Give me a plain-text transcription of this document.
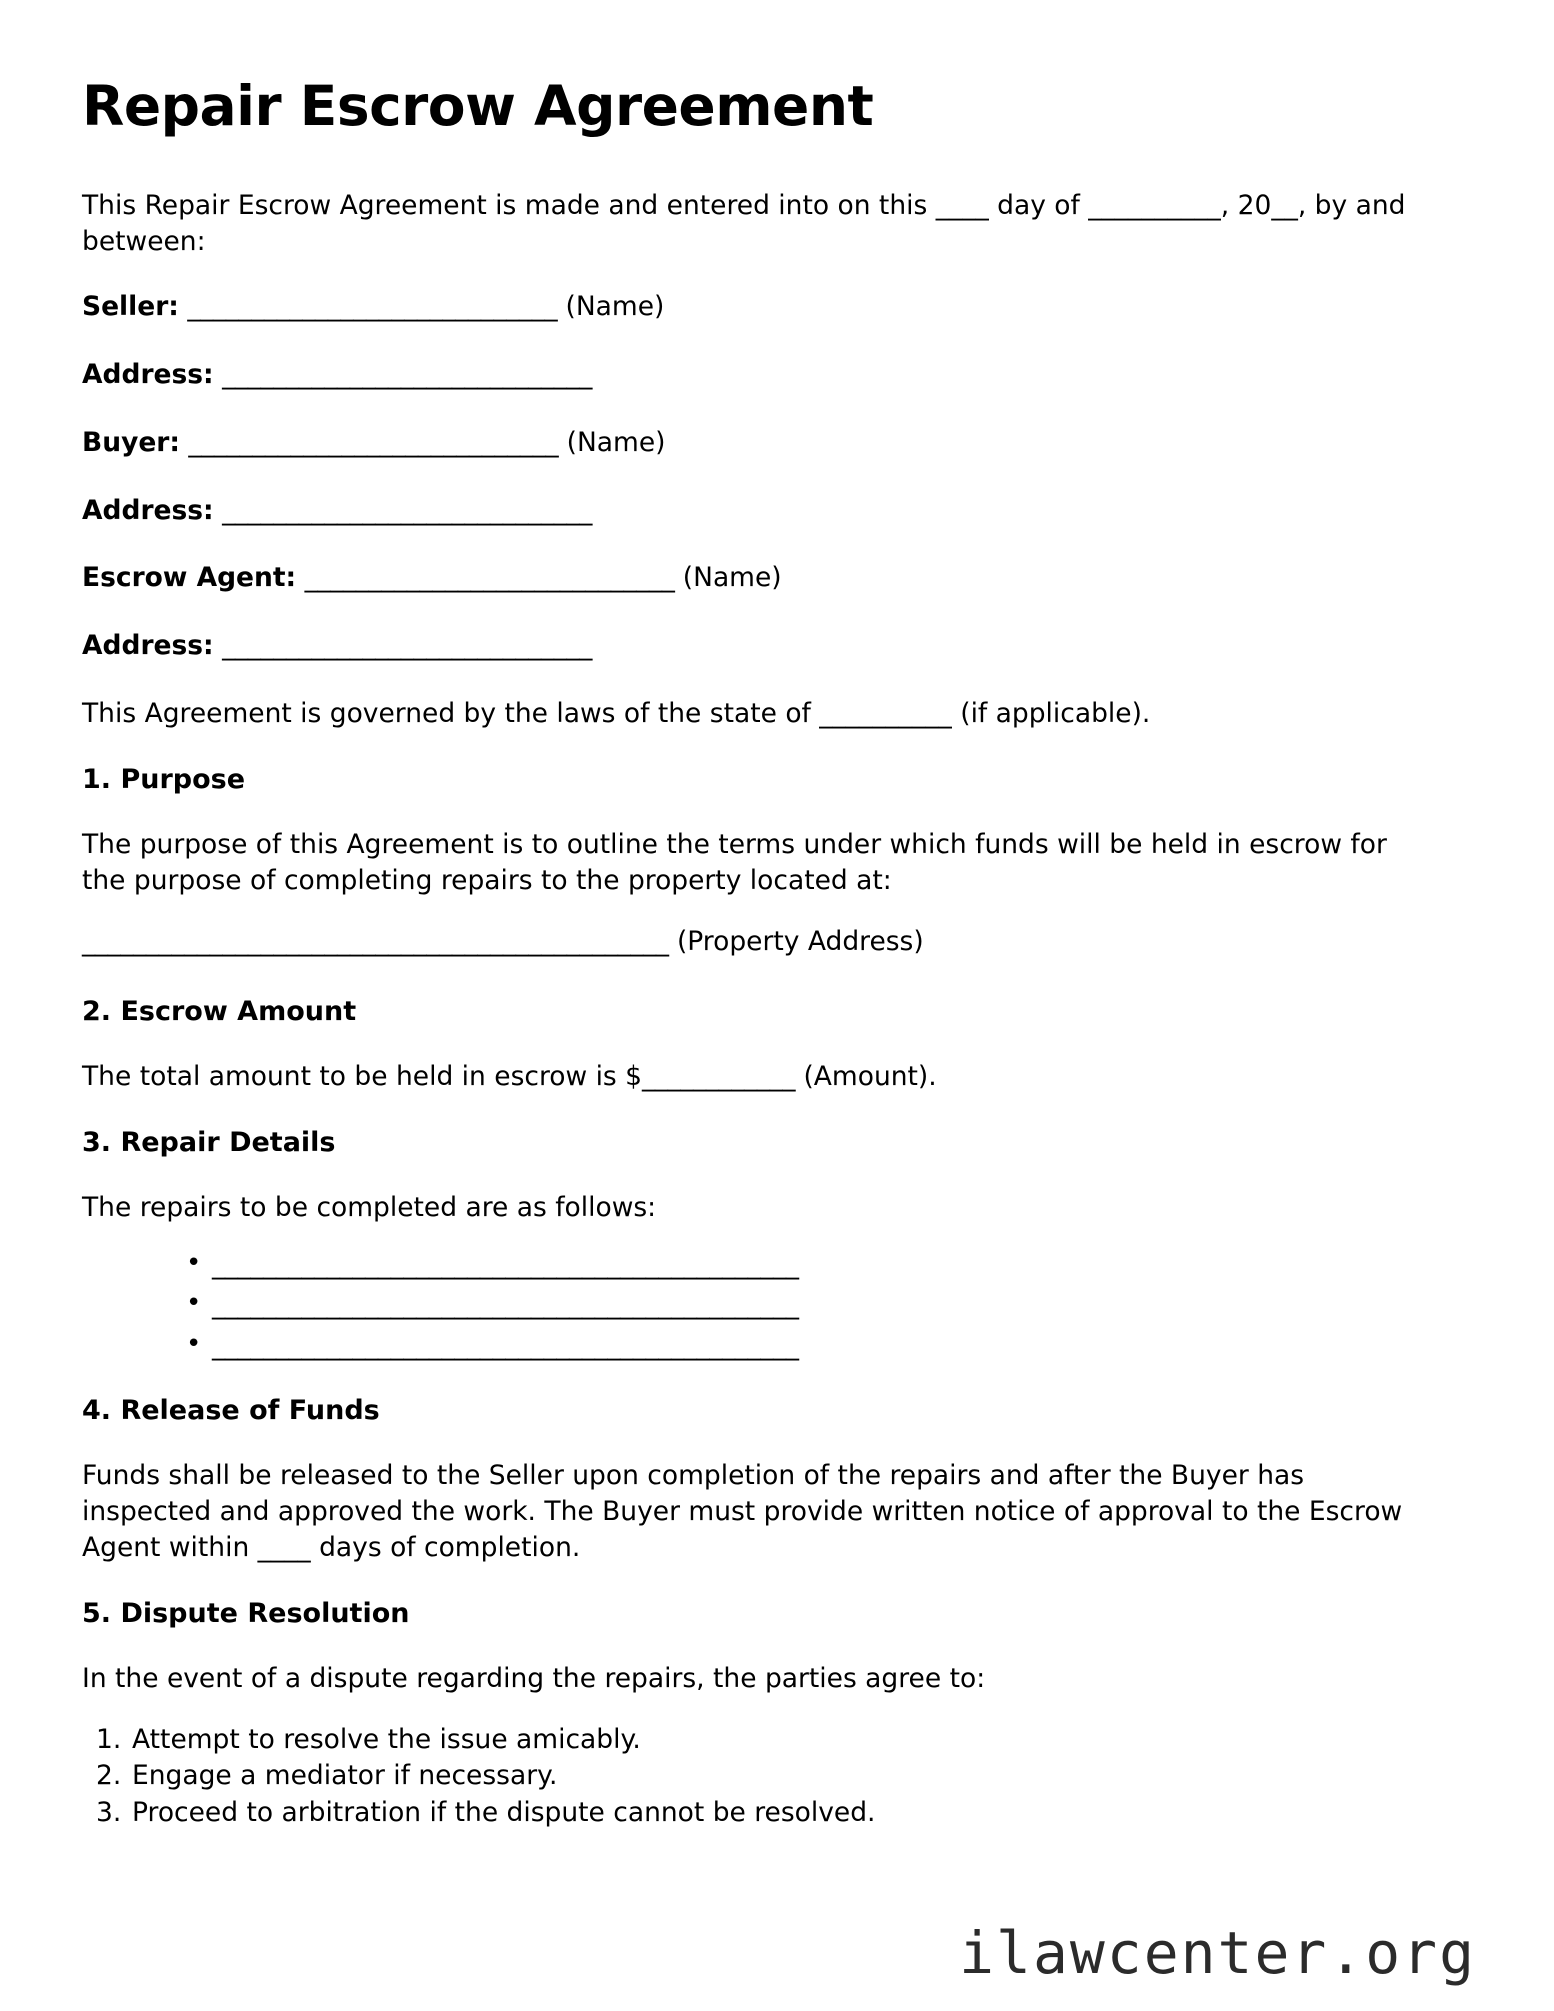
Repair Escrow Agreement

This Repair Escrow Agreement is made and entered into on this ____ day of __________, 20__, by and between:

Seller: _____________________________ (Name)
Address: _____________________________
Buyer: _____________________________ (Name)
Address: _____________________________
Escrow Agent: _____________________________ (Name)
Address: _____________________________

This Agreement is governed by the laws of the state of __________ (if applicable).

1. Purpose

The purpose of this Agreement is to outline the terms under which funds will be held in escrow for the purpose of completing repairs to the property located at:

______________________________________________ (Property Address)
2. Escrow Amount

The total amount to be held in escrow is $____________ (Amount).

3. Repair Details

The repairs to be completed are as follows:

• ______________________________________________
• ______________________________________________
• ______________________________________________
4. Release of Funds

Funds shall be released to the Seller upon completion of the repairs and after the Buyer has inspected and approved the work. The Buyer must provide written notice of approval to the Escrow Agent within ____ days of completion.

5. Dispute Resolution

In the event of a dispute regarding the repairs, the parties agree to:

Attempt to resolve the issue amicably.
Engage a mediator if necessary.
Proceed to arbitration if the dispute cannot be resolved.
ilawcenter.org
